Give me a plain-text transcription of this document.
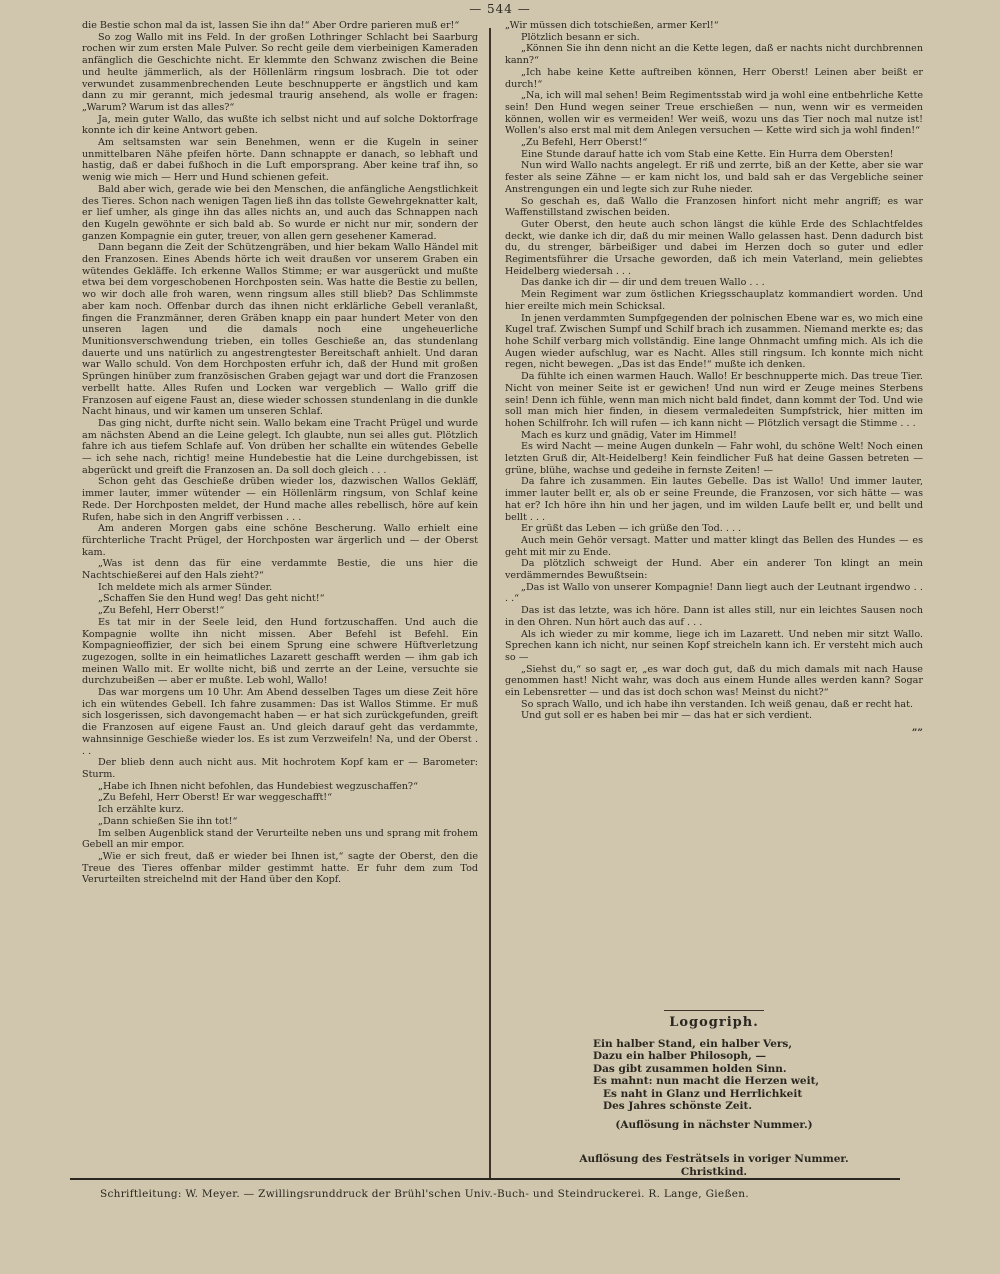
— 544 —

die Bestie schon mal da ist, lassen Sie ihn da!“ Aber Ordre parieren muß er!“

So zog Wallo mit ins Feld. In der großen Lothringer Schlacht bei Saarburg rochen wir zum ersten Male Pulver. So recht geile dem vierbeinigen Kameraden anfänglich die Geschichte nicht. Er klemmte den Schwanz zwischen die Beine und heulte jämmerlich, als der Höllenlärm ringsum losbrach. Die tot oder verwundet zusammenbrechenden Leute beschnupperte er ängstlich und kam dann zu mir gerannt, mich jedesmal traurig ansehend, als wolle er fragen: „Warum? Warum ist das alles?“

Ja, mein guter Wallo, das wußte ich selbst nicht und auf solche Doktorfrage konnte ich dir keine Antwort geben.

Am seltsamsten war sein Benehmen, wenn er die Kugeln in seiner unmittelbaren Nähe pfeifen hörte. Dann schnappte er danach, so lebhaft und hastig, daß er dabei fußhoch in die Luft emporsprang. Aber keine traf ihn, so wenig wie mich — Herr und Hund schienen gefeit.

Bald aber wich, gerade wie bei den Menschen, die anfängliche Aengstlichkeit des Tieres. Schon nach wenigen Tagen ließ ihn das tollste Gewehrgeknatter kalt, er lief umher, als ginge ihn das alles nichts an, und auch das Schnappen nach den Kugeln gewöhnte er sich bald ab. So wurde er nicht nur mir, sondern der ganzen Kompagnie ein guter, treuer, von allen gern gesehener Kamerad.

Dann begann die Zeit der Schützengräben, und hier bekam Wallo Händel mit den Franzosen. Eines Abends hörte ich weit draußen vor unserem Graben ein wütendes Gekläffe. Ich erkenne Wallos Stimme; er war ausgerückt und mußte etwa bei dem vorgeschobenen Horchposten sein. Was hatte die Bestie zu bellen, wo wir doch alle froh waren, wenn ringsum alles still blieb? Das Schlimmste aber kam noch. Offenbar durch das ihnen nicht erklärliche Gebell veranlaßt, fingen die Franzmänner, deren Gräben knapp ein paar hundert Meter von den unseren lagen und die damals noch eine ungeheuerliche Munitionsverschwendung trieben, ein tolles Geschieße an, das stundenlang dauerte und uns natürlich zu angestrengtester Bereitschaft anhielt. Und daran war Wallo schuld. Von dem Horchposten erfuhr ich, daß der Hund mit großen Sprüngen hinüber zum französischen Graben gejagt war und dort die Franzosen verbellt hatte. Alles Rufen und Locken war vergeblich — Wallo griff die Franzosen auf eigene Faust an, diese wieder schossen stundenlang in die dunkle Nacht hinaus, und wir kamen um unseren Schlaf.

Das ging nicht, durfte nicht sein. Wallo bekam eine Tracht Prügel und wurde am nächsten Abend an die Leine gelegt. Ich glaubte, nun sei alles gut. Plötzlich fahre ich aus tiefem Schlafe auf. Von drüben her schallte ein wütendes Gebelle — ich sehe nach, richtig! meine Hundebestie hat die Leine durchgebissen, ist abgerückt und greift die Franzosen an. Da soll doch gleich . . .

Schon geht das Geschieße drüben wieder los, dazwischen Wallos Gekläff, immer lauter, immer wütender — ein Höllenlärm ringsum, von Schlaf keine Rede. Der Horchposten meldet, der Hund mache alles rebellisch, höre auf kein Rufen, habe sich in den Angriff verbissen . . .

Am anderen Morgen gabs eine schöne Bescherung. Wallo erhielt eine fürchterliche Tracht Prügel, der Horchposten war ärgerlich und — der Oberst kam.

„Was ist denn das für eine verdammte Bestie, die uns hier die Nachtschießerei auf den Hals zieht?“

Ich meldete mich als armer Sünder.

„Schaffen Sie den Hund weg! Das geht nicht!“

„Zu Befehl, Herr Oberst!“

Es tat mir in der Seele leid, den Hund fortzuschaffen. Und auch die Kompagnie wollte ihn nicht missen. Aber Befehl ist Befehl. Ein Kompagnieoffizier, der sich bei einem Sprung eine schwere Hüftverletzung zugezogen, sollte in ein heimatliches Lazarett geschafft werden — ihm gab ich meinen Wallo mit. Er wollte nicht, biß und zerrte an der Leine, versuchte sie durchzubeißen — aber er mußte. Leb wohl, Wallo!

Das war morgens um 10 Uhr. Am Abend desselben Tages um diese Zeit höre ich ein wütendes Gebell. Ich fahre zusammen: Das ist Wallos Stimme. Er muß sich losgerissen, sich davongemacht haben — er hat sich zurückgefunden, greift die Franzosen auf eigene Faust an. Und gleich darauf geht das verdammte, wahnsinnige Geschieße wieder los. Es ist zum Verzweifeln! Na, und der Oberst . . .

Der blieb denn auch nicht aus. Mit hochrotem Kopf kam er — Barometer: Sturm.

„Habe ich Ihnen nicht befohlen, das Hundebiest wegzuschaffen?“

„Zu Befehl, Herr Oberst! Er war weggeschafft!“

Ich erzählte kurz.

„Dann schießen Sie ihn tot!“

Im selben Augenblick stand der Verurteilte neben uns und sprang mit frohem Gebell an mir empor.

„Wie er sich freut, daß er wieder bei Ihnen ist,“ sagte der Oberst, den die Treue des Tieres offenbar milder gestimmt hatte. Er fuhr dem zum Tod Verurteilten streichelnd mit der Hand über den Kopf.

„Wir müssen dich totschießen, armer Kerl!“

Plötzlich besann er sich.

„Können Sie ihn denn nicht an die Kette legen, daß er nachts nicht durchbrennen kann?“

„Ich habe keine Kette auftreiben können, Herr Oberst! Leinen aber beißt er durch!“

„Na, ich will mal sehen! Beim Regimentsstab wird ja wohl eine entbehrliche Kette sein! Den Hund wegen seiner Treue erschießen — nun, wenn wir es vermeiden können, wollen wir es vermeiden! Wer weiß, wozu uns das Tier noch mal nutze ist! Wollen's also erst mal mit dem Anlegen versuchen — Kette wird sich ja wohl finden!“

„Zu Befehl, Herr Oberst!“

Eine Stunde darauf hatte ich vom Stab eine Kette. Ein Hurra dem Obersten!

Nun wird Wallo nachts angelegt. Er riß und zerrte, biß an der Kette, aber sie war fester als seine Zähne — er kam nicht los, und bald sah er das Vergebliche seiner Anstrengungen ein und legte sich zur Ruhe nieder.

So geschah es, daß Wallo die Franzosen hinfort nicht mehr angriff; es war Waffenstillstand zwischen beiden.

Guter Oberst, den heute auch schon längst die kühle Erde des Schlachtfeldes deckt, wie danke ich dir, daß du mir meinen Wallo gelassen hast. Denn dadurch bist du, du strenger, bärbeißiger und dabei im Herzen doch so guter und edler Regimentsführer die Ursache geworden, daß ich mein Vaterland, mein geliebtes Heidelberg wiedersah . . .

Das danke ich dir — dir und dem treuen Wallo . . .

Mein Regiment war zum östlichen Kriegsschauplatz kommandiert worden. Und hier ereilte mich mein Schicksal.

In jenen verdammten Sumpfgegenden der polnischen Ebene war es, wo mich eine Kugel traf. Zwischen Sumpf und Schilf brach ich zusammen. Niemand merkte es; das hohe Schilf verbarg mich vollständig. Eine lange Ohnmacht umfing mich. Als ich die Augen wieder aufschlug, war es Nacht. Alles still ringsum. Ich konnte mich nicht regen, nicht bewegen. „Das ist das Ende!“ mußte ich denken.

Da fühlte ich einen warmen Hauch. Wallo! Er beschnupperte mich. Das treue Tier. Nicht von meiner Seite ist er gewichen! Und nun wird er Zeuge meines Sterbens sein! Denn ich fühle, wenn man mich nicht bald findet, dann kommt der Tod. Und wie soll man mich hier finden, in diesem vermaledeiten Sumpfstrick, hier mitten im hohen Schilfrohr. Ich will rufen — ich kann nicht — Plötzlich versagt die Stimme . . .

Mach es kurz und gnädig, Vater im Himmel!

Es wird Nacht — meine Augen dunkeln — Fahr wohl, du schöne Welt! Noch einen letzten Gruß dir, Alt-Heidelberg! Kein feindlicher Fuß hat deine Gassen betreten — grüne, blühe, wachse und gedeihe in fernste Zeiten! —

Da fahre ich zusammen. Ein lautes Gebelle. Das ist Wallo! Und immer lauter, immer lauter bellt er, als ob er seine Freunde, die Franzosen, vor sich hätte — was hat er? Ich höre ihn hin und her jagen, und im wilden Laufe bellt er, und bellt und bellt . . .

Er grüßt das Leben — ich grüße den Tod. . . .

Auch mein Gehör versagt. Matter und matter klingt das Bellen des Hundes — es geht mit mir zu Ende.

Da plötzlich schweigt der Hund. Aber ein anderer Ton klingt an mein verdämmerndes Bewußtsein:

„Das ist Wallo von unserer Kompagnie! Dann liegt auch der Leutnant irgendwo . . . .“

Das ist das letzte, was ich höre. Dann ist alles still, nur ein leichtes Sausen noch in den Ohren. Nun hört auch das auf . . .

Als ich wieder zu mir komme, liege ich im Lazarett. Und neben mir sitzt Wallo. Sprechen kann ich nicht, nur seinen Kopf streicheln kann ich. Er versteht mich auch so —

„Siehst du,“ so sagt er, „es war doch gut, daß du mich damals mit nach Hause genommen hast! Nicht wahr, was doch aus einem Hunde alles werden kann? Sogar ein Lebensretter — und das ist doch schon was! Meinst du nicht?“

So sprach Wallo, und ich habe ihn verstanden. Ich weiß genau, daß er recht hat.

Und gut soll er es haben bei mir — das hat er sich verdient.

„„

Logogriph.
Ein halber Stand, ein halber Vers,
Dazu ein halber Philosoph, —
Das gibt zusammen holden Sinn.
Es mahnt: nun macht die Herzen weit,
Es naht in Glanz und Herrlichkeit
Des Jahres schönste Zeit.
(Auflösung in nächster Nummer.)
Auflösung des Festrätsels in voriger Nummer.
Christkind.
Schriftleitung: W. Meyer. — Zwillingsrunddruck der Brühl'schen Univ.-Buch- und Steindruckerei. R. Lange, Gießen.
